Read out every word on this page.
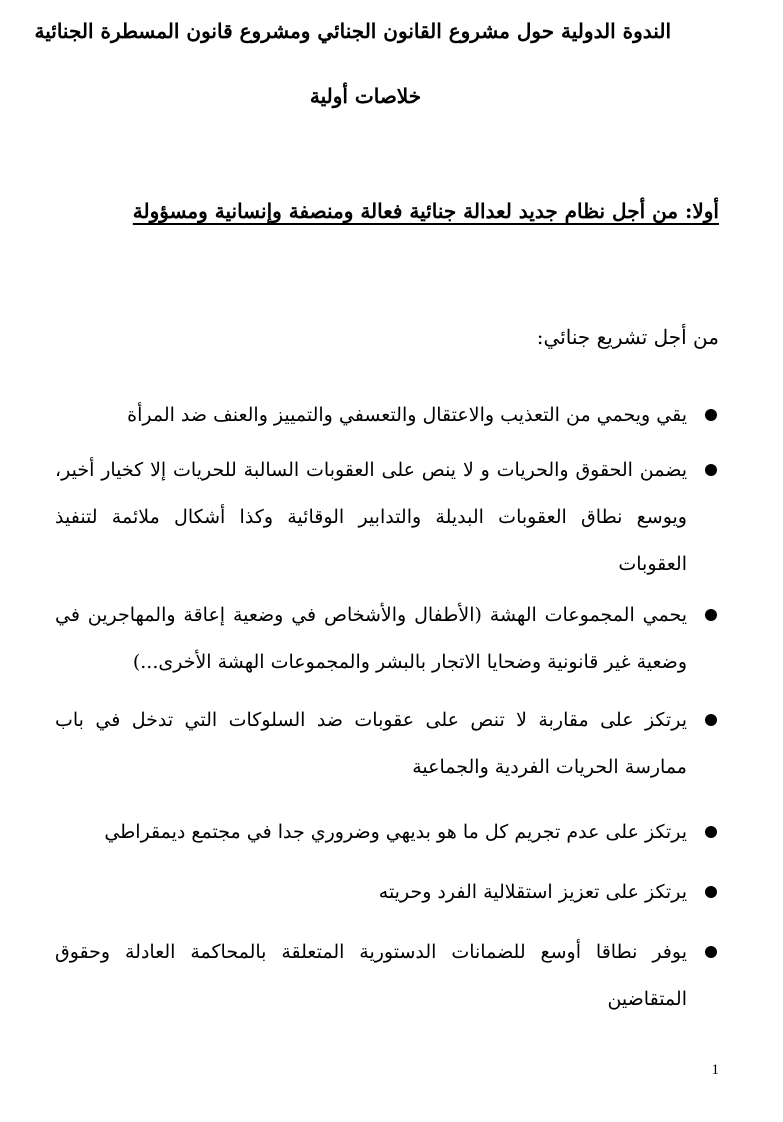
الندوة الدولية حول مشروع القانون الجنائي ومشروع قانون المسطرة الجنائية
خلاصات أولية
أولا: من أجل نظام جديد لعدالة جنائية فعالة ومنصفة وإنسانية ومسؤولة
من أجل تشريع جنائي:
يقي ويحمي من التعذيب والاعتقال والتعسفي والتمييز والعنف ضد المرأة
يضمن الحقوق والحريات و لا ينص على العقوبات السالبة للحريات إلا كخيار أخير، ويوسع نطاق العقوبات البديلة والتدابير الوقائية وكذا أشكال ملائمة لتنفيذ العقوبات
يحمي المجموعات الهشة (الأطفال والأشخاص في وضعية إعاقة والمهاجرين في وضعية غير قانونية وضحايا الاتجار بالبشر والمجموعات الهشة الأخرى...)
يرتكز على مقاربة لا تنص على عقوبات ضد السلوكات التي تدخل في باب ممارسة الحريات الفردية والجماعية
يرتكز على عدم تجريم كل ما هو بديهي وضروري جدا في مجتمع ديمقراطي
يرتكز على تعزيز استقلالية الفرد وحريته
يوفر نطاقا أوسع للضمانات الدستورية المتعلقة بالمحاكمة العادلة وحقوق المتقاضين
1
